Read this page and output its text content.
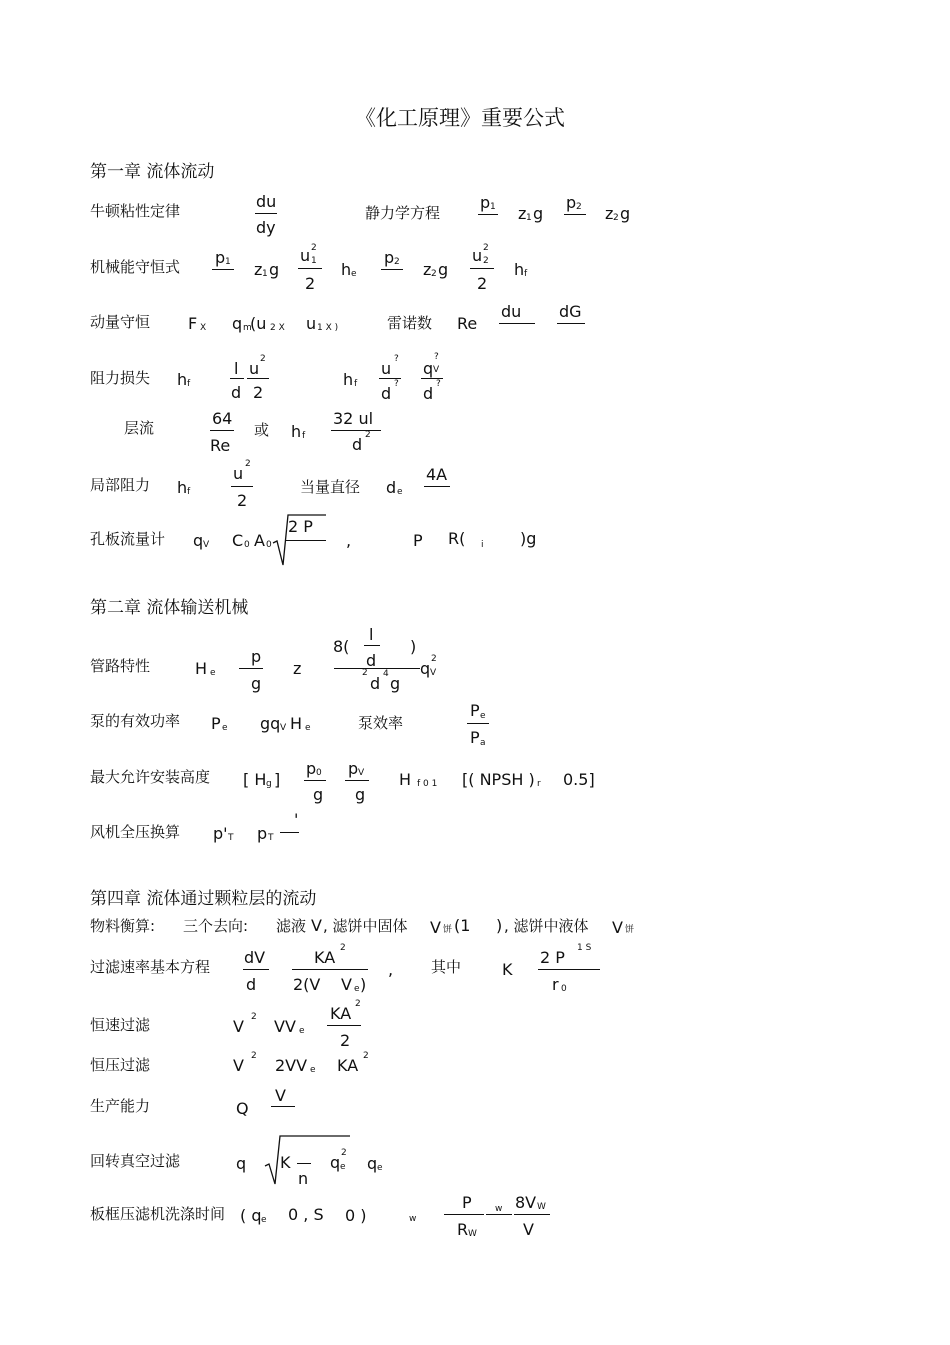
《化工原理》重要公式
第一章 流体流动
牛顿粘性定律	du
dy
静力学方程
p 1 z 1 g
p 2 z 2 g
机械能守恒式 p 1 z 1 g
u 2
1
2
h e
p 2 z 2 g
u 2
2
2
h f
动量守恒 F X q m
(u 2 X u 1 X )	雷诺数 Re
du dG
阻力损失 h f
l
d
u 2
2
h f
u ?
d ?
q
?
V
d ?
层流	64
Re
或 h f
32 ul
d 2
局部阻力 h f
u 2
2
当量直径 d e
4A
孔板流量计 q V C 0 A 0
2 P
,	P R( i )g
第二章 流体输送机械
管路特性	H e
p
g
z
8(
l
d
)
2
d 4 g
q 2
V
泵的有效功率 P e gq V H e	泵效率
P e
P a
最大允许安装高度 [ H g ]
p 0
g
p V
g
H f 0 1 [( NPSH ) r 0.5]
风机全压换算 p' T p T
'
第四章 流体通过颗粒层的流动
物料衡算: 三个去向: 滤液 V , 滤饼中固体 V 饼 (1 ) , 滤饼中液体 V 饼
过滤速率基本方程 dV
d
KA 2
2(V V e )
,	其中	K
2 P 1 S
r 0
恒速过滤	V 2 VV e
KA 2
2
恒压过滤	V 2 2VV e KA 2
生产能力	Q
V
回转真空过滤	q K
n
q 2
e q e
板框压滤机洗涤时间 ( q e 0 , S 0 )	w
P
R W
w 8V W
V
